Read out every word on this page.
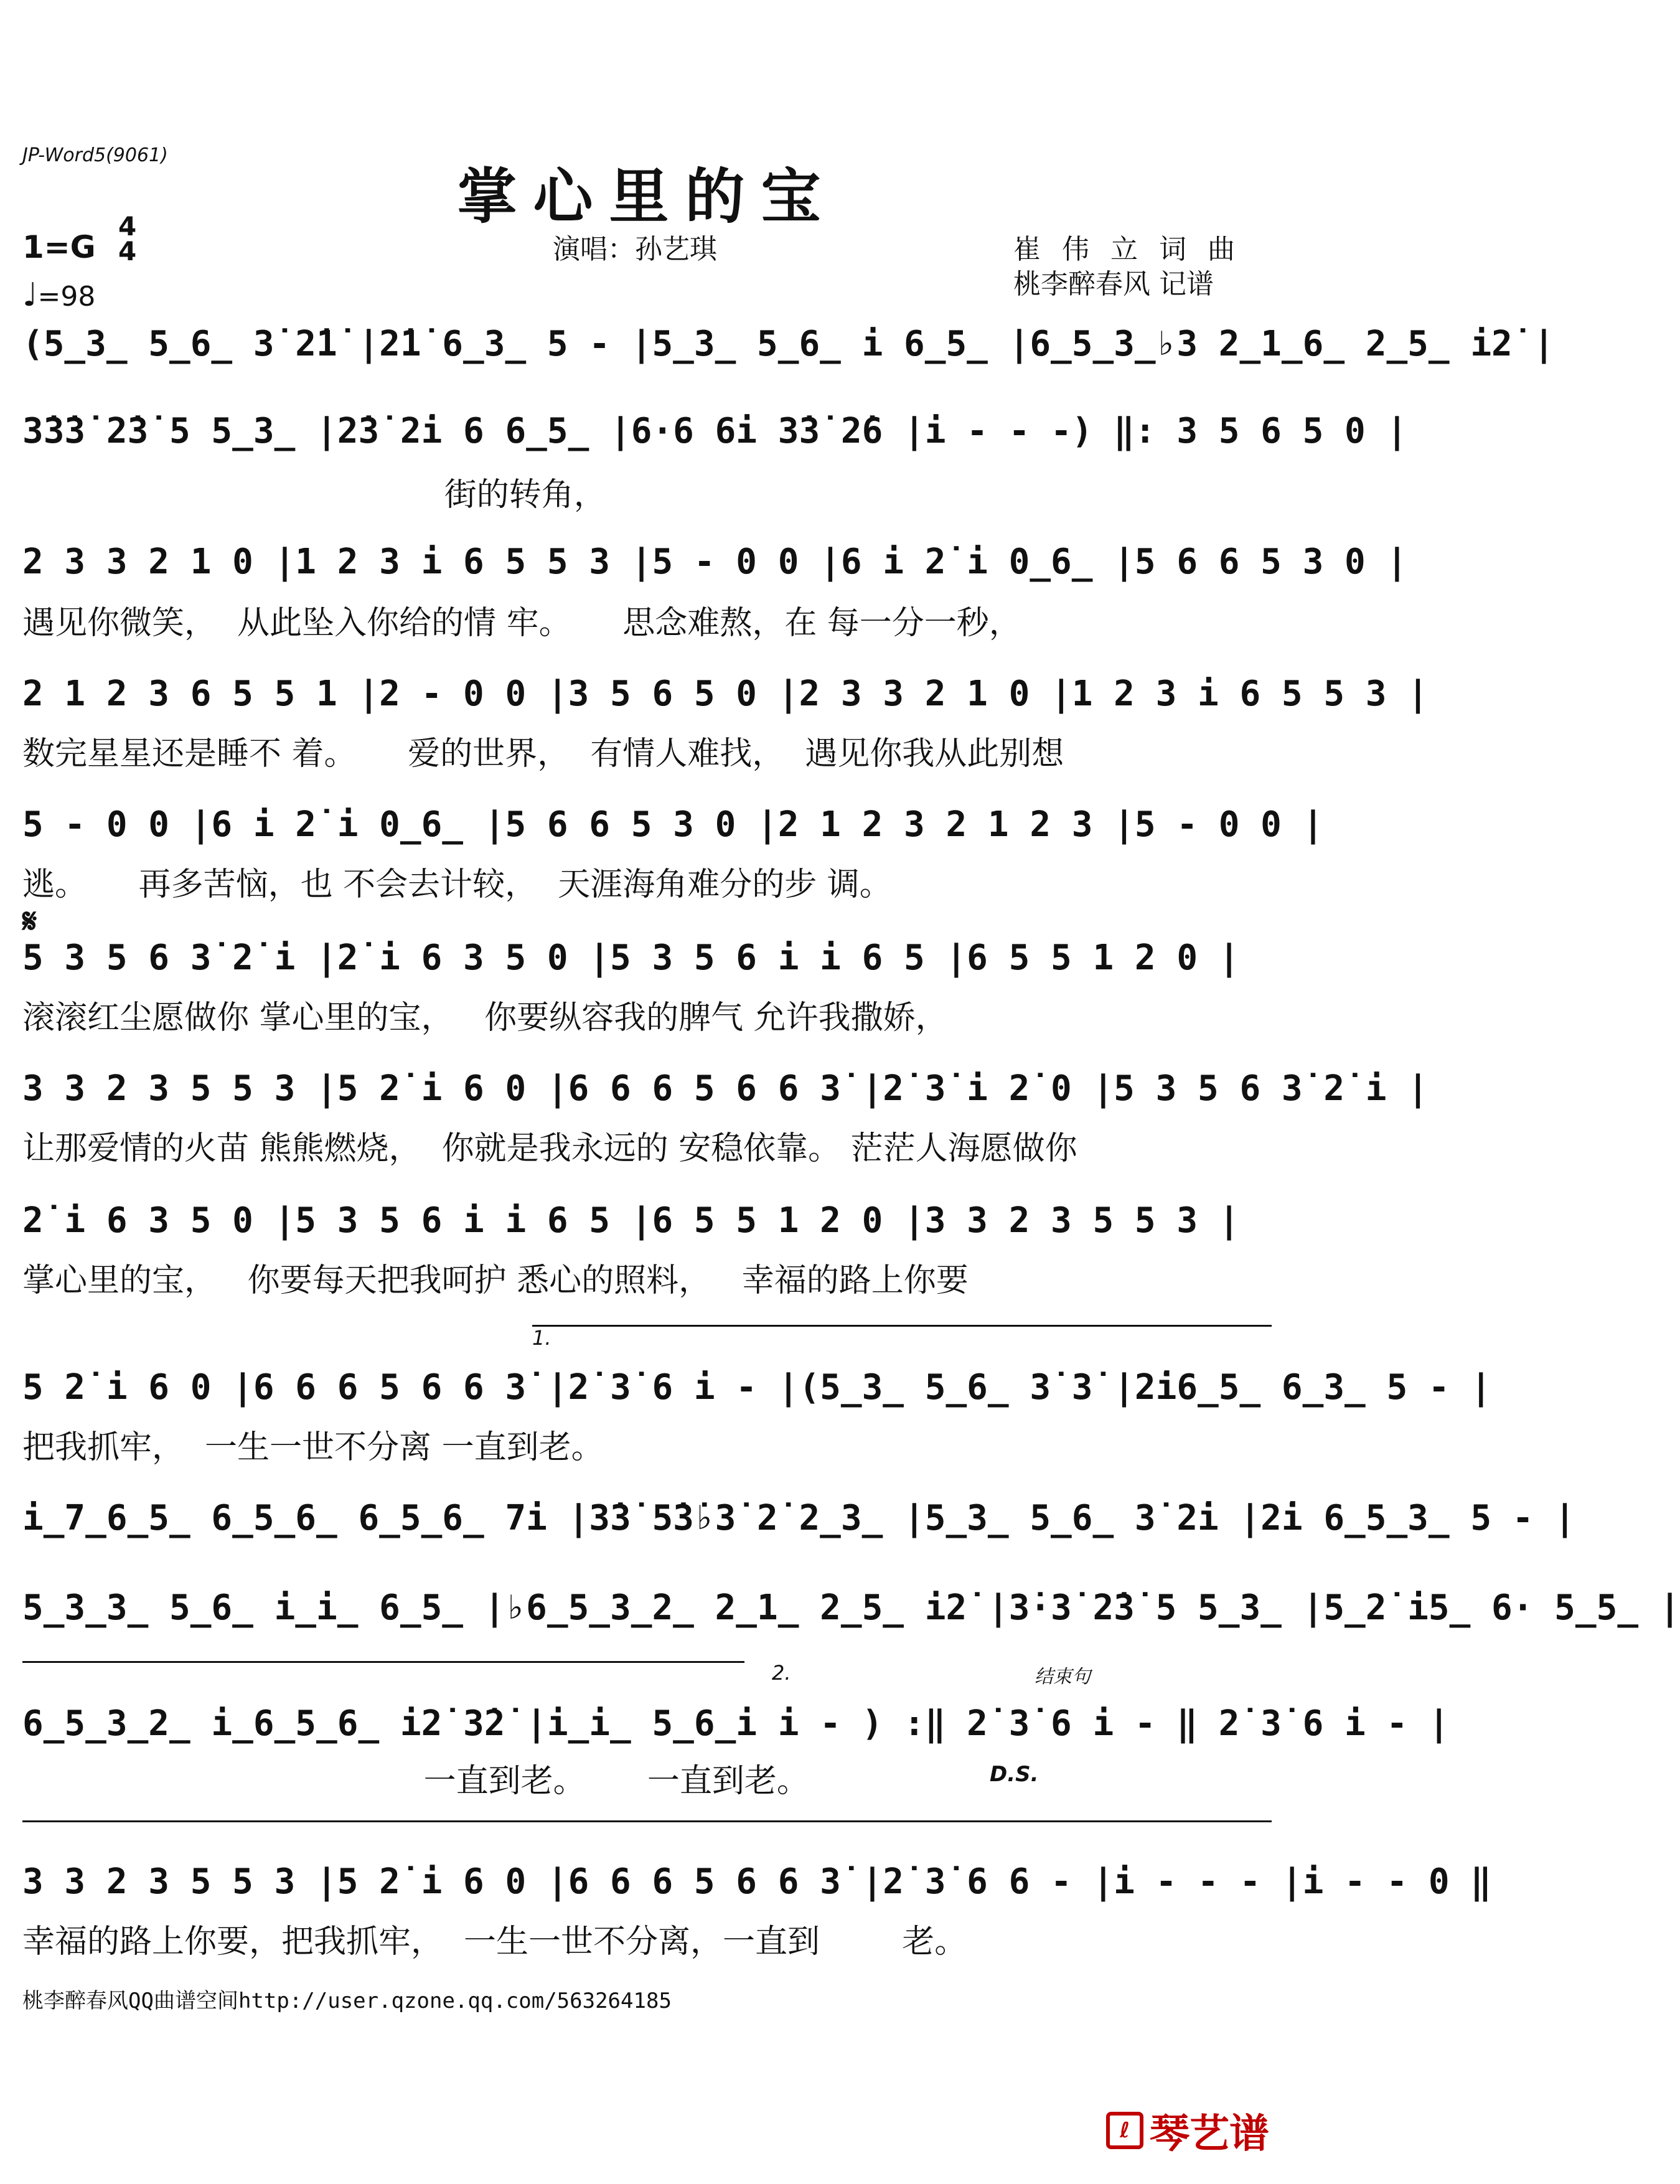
JP-Word5(9061)
掌心里的宝
1=G
4
4
♩=98
演唱：孙艺琪	崔伟立词曲
桃李醉春风 记谱
(5̲3̲ 5̲6̲ 3̇ 2̇1̇ |2̇1̇ 6̲3̲ 5 - |5̲3̲ 5̲6̲ i 6̲5̲ |6̲5̲3̲♭3 2̲1̲6̲ 2̲5̲ i2̇ |
3̇3̇3̇ 2̇3̇ 5 5̲3̲ |2̇3̇ 2̇i 6 6̲5̲ |6·6 6i 3̇3̇ 2̇6 |i - - -) ‖: 3 5 6 5 0 |
街的转角，
2 3 3 2 1 0 |1 2 3 i 6 5 5 3 |5 - 0 0 |6 i 2̇ i 0̲6̲ |5 6 6 5 3 0 |
遇见你微笑，  从此坠入你给的情 牢。     思念难熬，在 每一分一秒，
2 1 2 3 6 5 5 1 |2 - 0 0 |3 5 6 5 0 |2 3 3 2 1 0 |1 2 3 i 6 5 5 3 |
数完星星还是睡不 着。     爱的世界，  有情人难找，  遇见你我从此别想
5 - 0 0 |6 i 2̇ i 0̲6̲ |5 6 6 5 3 0 |2 1 2 3 2 1 2 3 |5 - 0 0 |
逃。     再多苦恼，也 不会去计较，  天涯海角难分的步 调。
𝄋
5 3 5 6 3̇ 2̇ i |2̇ i 6 3 5 0 |5 3 5 6 i i 6 5 |6 5 5 1 2 0 |
滚滚红尘愿做你 掌心里的宝，   你要纵容我的脾气 允许我撒娇，
3 3 2 3 5 5 3 |5 2̇ i 6 0 |6 6 6 5 6 6 3̇ |2̇ 3̇ i 2̇ 0 |5 3 5 6 3̇ 2̇ i |
让那爱情的火苗 熊熊燃烧，  你就是我永远的 安稳依靠。 茫茫人海愿做你
2̇ i 6 3 5 0 |5 3 5 6 i i 6 5 |6 5 5 1 2 0 |3 3 2 3 5 5 3 |
掌心里的宝，   你要每天把我呵护 悉心的照料，   幸福的路上你要
1.
5 2̇ i 6 0 |6 6 6 5 6 6 3̇ |2̇ 3̇ 6 i - |(5̲3̲ 5̲6̲ 3̇ 3̇ |2̇i6̲5̲ 6̲3̲ 5 - |
把我抓牢，  一生一世不分离 一直到老。
i̲7̲6̲5̲ 6̲5̲6̲ 6̲5̲6̲ 7i |3̇3̇ 5̇3̇♭3̇ 2̇ 2̲3̲ |5̲3̲ 5̲6̲ 3̇ 2̇i |2̇i 6̲5̲3̲ 5 - |
5̲3̲3̲ 5̲6̲ i̲i̲ 6̲5̲ |♭6̲5̲3̲2̲ 2̲1̲ 2̲5̲ i2̇ |3̇·3̇ 2̇3̇ 5 5̲3̲ |5̲2̇ i5̲ 6· 5̲5̲ |
2.	结束句
6̲5̲3̲2̲ i̲6̲5̲6̲ i2̇ 3̇2̇ |i̲i̲ 5̲6̲i i - ) :‖ 2̇ 3̇ 6 i - ‖ 2̇ 3̇ 6 i - |
一直到老。      一直到老。	D.S.
3 3 2 3 5 5 3 |5 2̇ i 6 0 |6 6 6 5 6 6 3̇ |2̇ 3̇ 6 6 - |i - - - |i - - 0 ‖
幸福的路上你要，把我抓牢，  一生一世不分离，一直到        老。
桃李醉春风QQ曲谱空间http://user.qzone.qq.com/563264185
ℓ 琴艺谱
